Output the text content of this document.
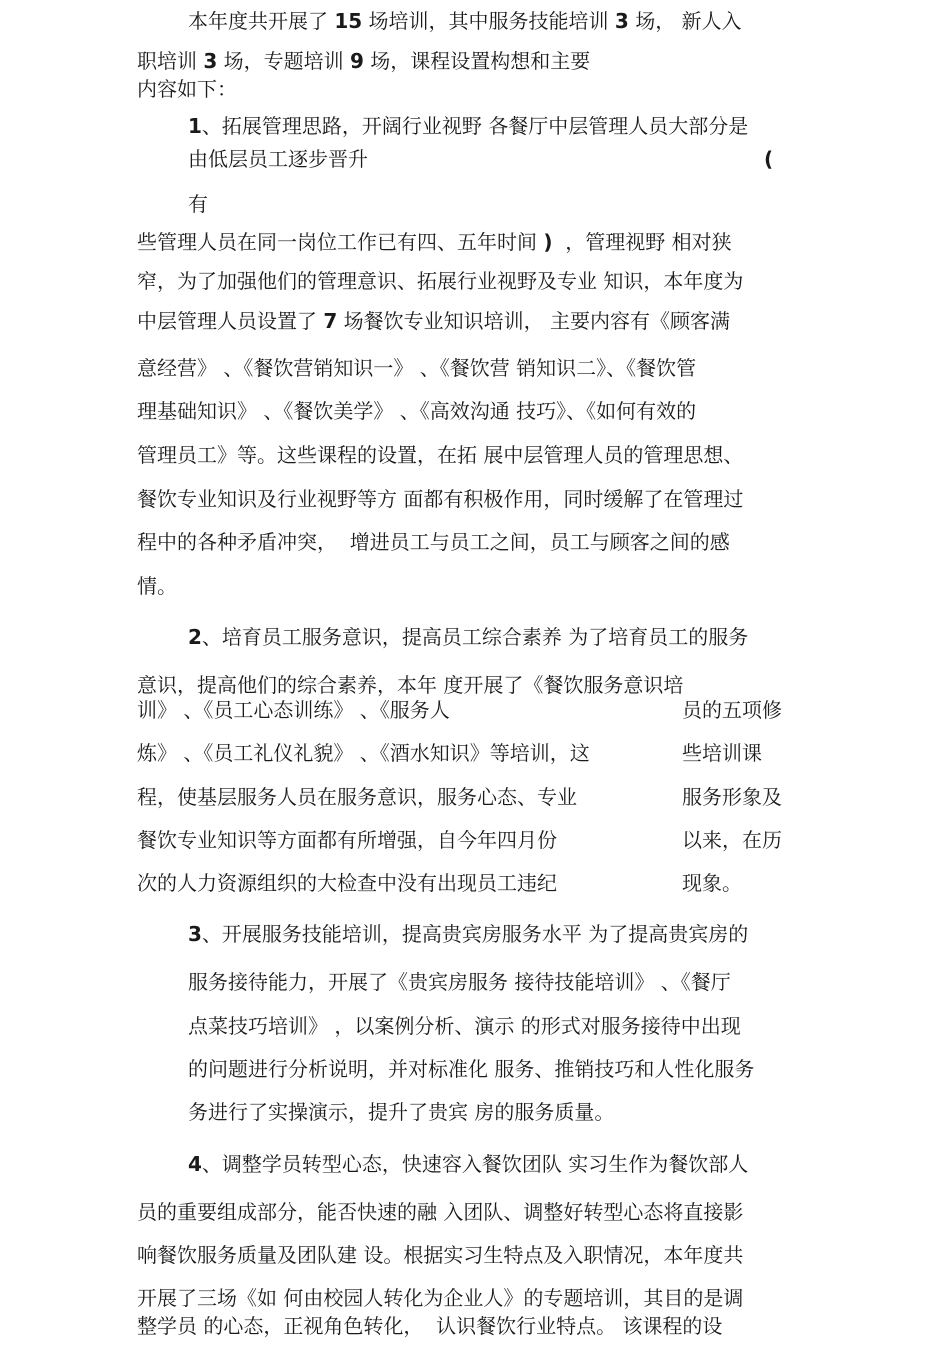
本年度共开展了 15 场培训，其中服务技能培训 3 场， 新人入
职培训 3 场，专题培训 9 场，课程设置构想和主要
内容如下：
1、拓展管理思路，开阔行业视野 各餐厅中层管理人员大部分是
由低层员工逐步晋升	(
有
些管理人员在同一岗位工作已有四、五年时间 )  ，管理视野 相对狭
窄，为了加强他们的管理意识、拓展行业视野及专业 知识，本年度为
中层管理人员设置了 7 场餐饮专业知识培训， 主要内容有《顾客满
意经营》 、《餐饮营销知识一》 、《餐饮营 销知识二》、《餐饮管
理基础知识》 、《餐饮美学》 、《高效沟通 技巧》、《如何有效的
管理员工》等。这些课程的设置，在拓 展中层管理人员的管理思想、
餐饮专业知识及行业视野等方 面都有积极作用，同时缓解了在管理过
程中的各种矛盾冲突，  增进员工与员工之间，员工与顾客之间的感
情。
2、培育员工服务意识，提高员工综合素养 为了培育员工的服务
意识，提高他们的综合素养，本年 度开展了《餐饮服务意识培
训》 、《员工心态训练》 、《服务人	员的五项修
炼》 、《员工礼仪礼貌》 、《酒水知识》等培训，这	些培训课
程，使基层服务人员在服务意识，服务心态、专业	服务形象及
餐饮专业知识等方面都有所增强，自今年四月份	以来，在历
次的人力资源组织的大检查中没有出现员工违纪	现象。
3、开展服务技能培训，提高贵宾房服务水平 为了提高贵宾房的
服务接待能力，开展了《贵宾房服务 接待技能培训》 、《餐厅
点菜技巧培训》 ，以案例分析、演示 的形式对服务接待中出现
的问题进行分析说明，并对标准化 服务、推销技巧和人性化服务
务进行了实操演示，提升了贵宾 房的服务质量。
4、调整学员转型心态，快速容入餐饮团队 实习生作为餐饮部人
员的重要组成部分，能否快速的融 入团队、调整好转型心态将直接影
响餐饮服务质量及团队建 设。根据实习生特点及入职情况，本年度共
开展了三场《如 何由校园人转化为企业人》的专题培训，其目的是调
整学员 的心态，正视角色转化，  认识餐饮行业特点。 该课程的设
